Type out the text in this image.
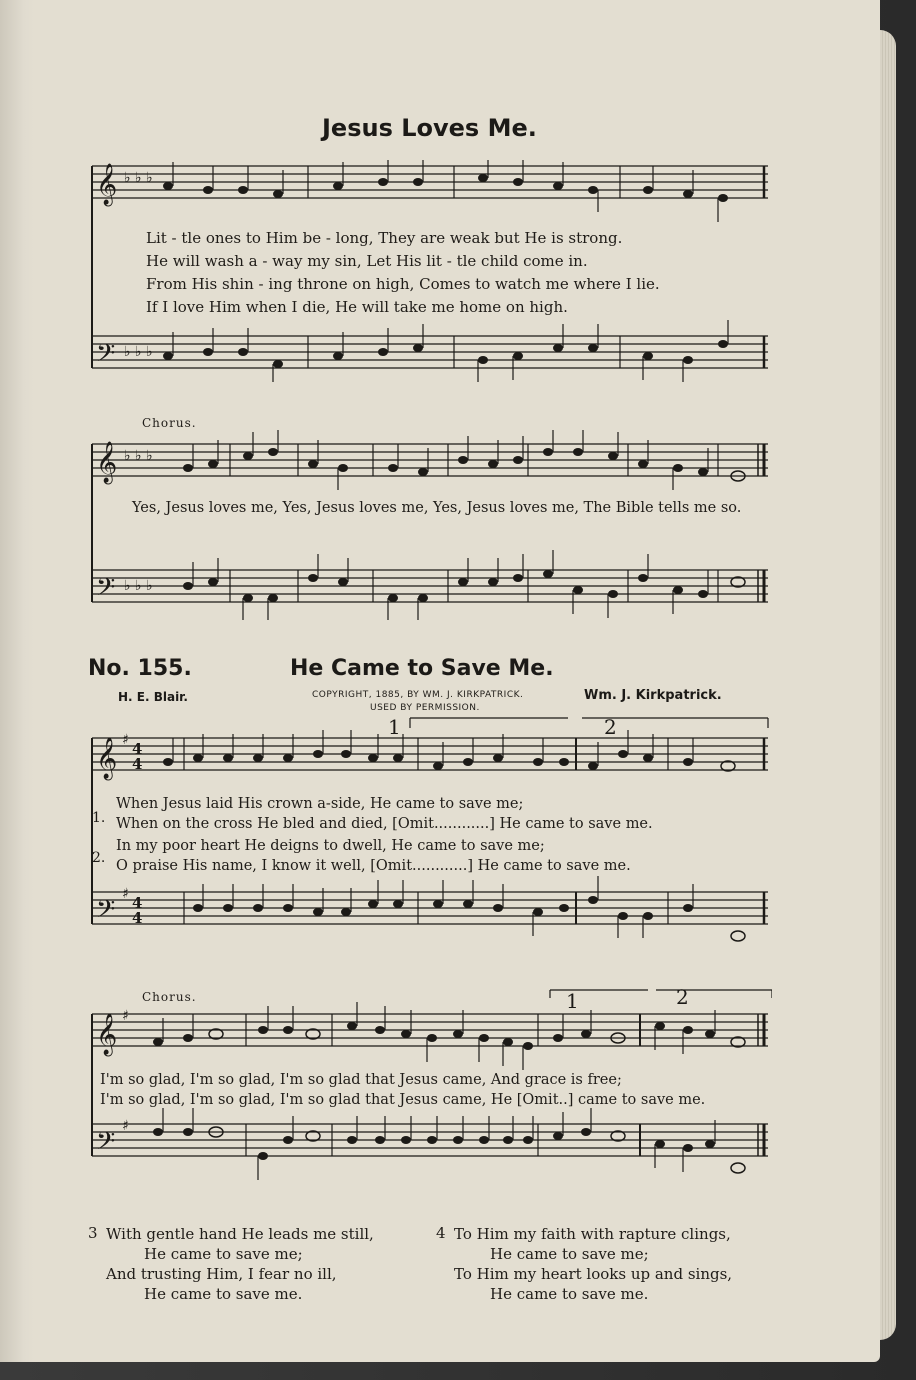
Jesus Loves Me.
𝄞
𝄢
♭ ♭ ♭
♭ ♭ ♭
Lit - tle ones to Him be - long, They are weak but He is strong.
He will wash a - way my sin, Let His lit - tle child come in.
From His shin - ing throne on high, Comes to watch me where I lie.
If I love Him when I die, He will take me home on high.
Chorus.
𝄞
𝄢
♭ ♭ ♭
♭ ♭ ♭
Yes, Jesus loves me, Yes, Jesus loves me, Yes, Jesus loves me, The Bible tells me so.
No. 155.	He Came to Save Me.
H. E. Blair.	COPYRIGHT, 1885, BY WM. J. KIRKPATRICK.
USED BY PERMISSION.
Wm. J. Kirkpatrick.
1	2
𝄞
𝄢
♯
♯
4
4
4
4
1.
2.
When Jesus laid His crown a-side, He came to save me;
When on the cross He bled and died, [Omit............] He came to save me.
In my poor heart He deigns to dwell, He came to save me;
O praise His name, I know it well, [Omit............] He came to save me.
Chorus.	1	2
𝄞
𝄢
♯
♯
I'm so glad, I'm so glad, I'm so glad that Jesus came, And grace is free;
I'm so glad, I'm so glad, I'm so glad that Jesus came, He [Omit..] came to save me.
3 With gentle hand He leads me still,
He came to save me;
And trusting Him, I fear no ill,
He came to save me.
4 To Him my faith with rapture clings,
He came to save me;
To Him my heart looks up and sings,
He came to save me.
